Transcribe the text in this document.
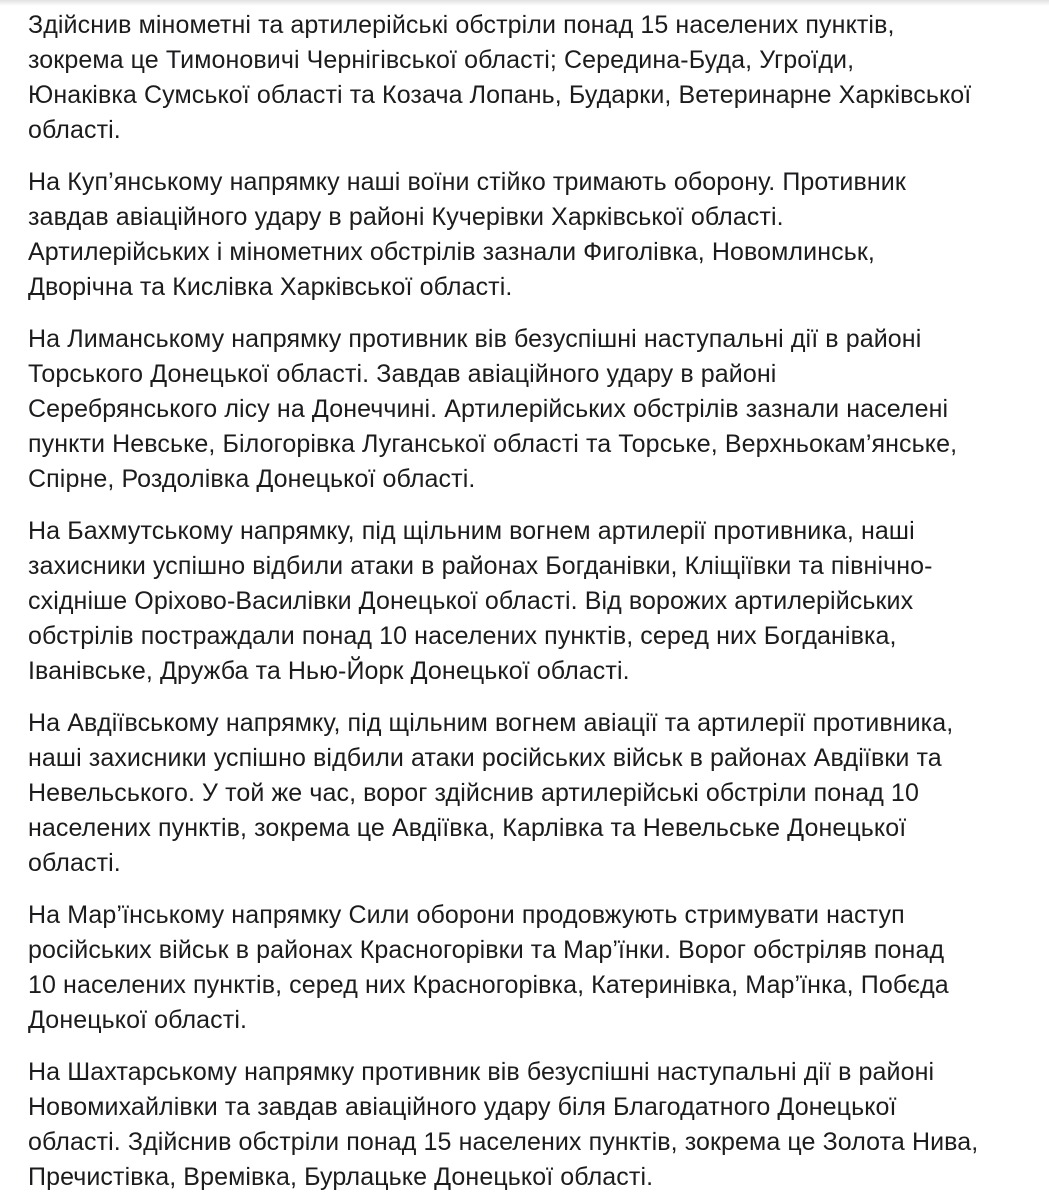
Здійснив мінометні та артилерійські обстріли понад 15 населених пунктів,
зокрема це Тимоновичі Чернігівської області; Середина-Буда, Угроїди,
Юнаківка Сумської області та Козача Лопань, Бударки, Ветеринарне Харківської
області.

На Куп’янському напрямку наші воїни стійко тримають оборону. Противник
завдав авіаційного удару в районі Кучерівки Харківської області.
Артилерійських і мінометних обстрілів зазнали Фиголівка, Новомлинськ,
Дворічна та Кислівка Харківської області.

На Лиманському напрямку противник вів безуспішні наступальні дії в районі
Торського Донецької області. Завдав авіаційного удару в районі
Серебрянського лісу на Донеччині. Артилерійських обстрілів зазнали населені
пункти Невське, Білогорівка Луганської області та Торське, Верхньокам’янське,
Спірне, Роздолівка Донецької області.

На Бахмутському напрямку, під щільним вогнем артилерії противника, наші
захисники успішно відбили атаки в районах Богданівки, Кліщіївки та північно-
східніше Оріхово-Василівки Донецької області. Від ворожих артилерійських
обстрілів постраждали понад 10 населених пунктів, серед них Богданівка,
Іванівське, Дружба та Нью-Йорк Донецької області.

На Авдіївському напрямку, під щільним вогнем авіації та артилерії противника,
наші захисники успішно відбили атаки російських військ в районах Авдіївки та
Невельського. У той же час, ворог здійснив артилерійські обстріли понад 10
населених пунктів, зокрема це Авдіївка, Карлівка та Невельське Донецької
області.

На Мар’їнському напрямку Сили оборони продовжують стримувати наступ
російських військ в районах Красногорівки та Мар’їнки. Ворог обстріляв понад
10 населених пунктів, серед них Красногорівка, Катеринівка, Мар’їнка, Побєда
Донецької області.

На Шахтарському напрямку противник вів безуспішні наступальні дії в районі
Новомихайлівки та завдав авіаційного удару біля Благодатного Донецької
області. Здійснив обстріли понад 15 населених пунктів, зокрема це Золота Нива,
Пречистівка, Времівка, Бурлацьке Донецької області.
